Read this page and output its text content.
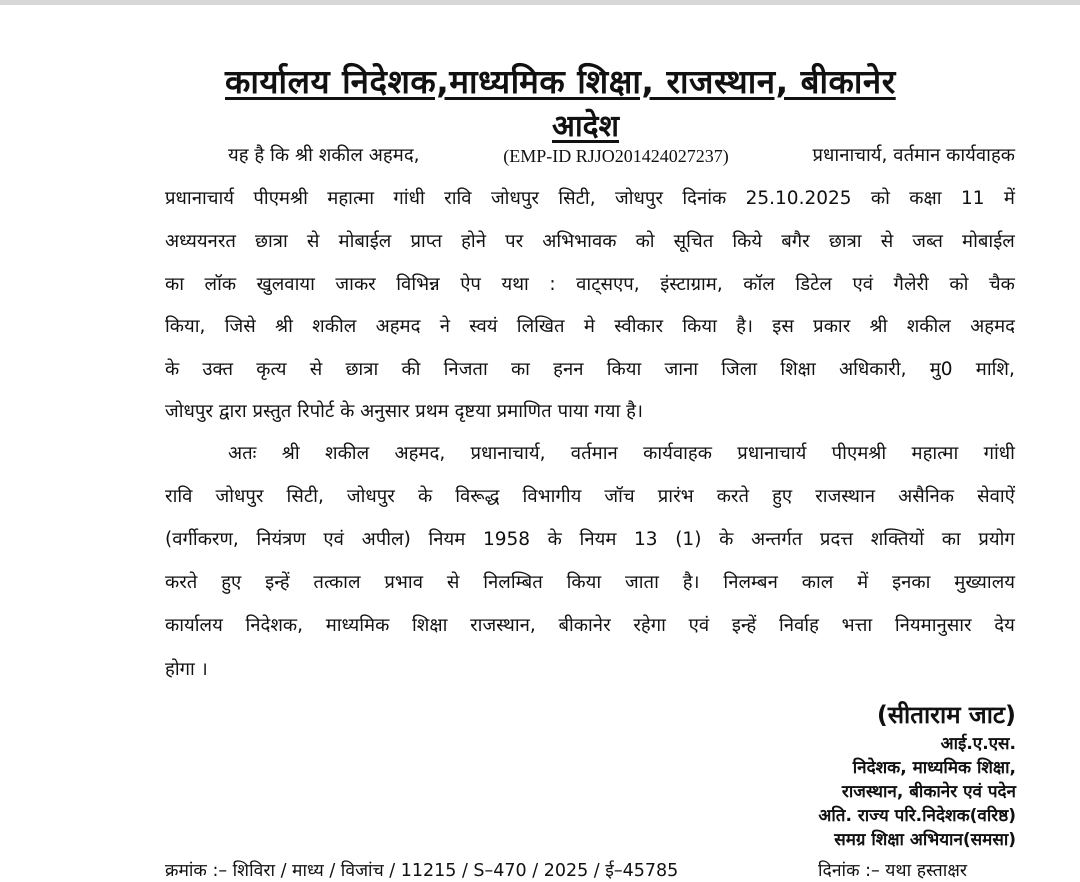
कार्यालय निदेशक,माध्यमिक शिक्षा, राजस्थान, बीकानेर
आदेश
यह है कि श्री शकील अहमद,	(EMP-ID RJJO201424027237)	प्रधानाचार्य, वर्तमान कार्यवाहक
प्रधानाचार्य पीएमश्री महात्मा गांधी रावि जोधपुर सिटी, जोधपुर दिनांक 25.10.2025 को कक्षा 11 में
अध्ययनरत छात्रा से मोबाईल प्राप्त होने पर अभिभावक को सूचित किये बगैर छात्रा से जब्त मोबाईल
का लॉक खुलवाया जाकर विभिन्न ऐप यथा : वाट्सएप, इंस्टाग्राम, कॉल डिटेल एवं गैलेरी को चैक
किया, जिसे श्री शकील अहमद ने स्वयं लिखित मे स्वीकार किया है। इस प्रकार श्री शकील अहमद
के उक्त कृत्य से छात्रा की निजता का हनन किया जाना जिला शिक्षा अधिकारी, मु0 माशि,
जोधपुर द्वारा प्रस्तुत रिपोर्ट के अनुसार प्रथम दृष्टया प्रमाणित पाया गया है।
अतः श्री शकील अहमद, प्रधानाचार्य, वर्तमान कार्यवाहक प्रधानाचार्य पीएमश्री महात्मा गांधी
रावि जोधपुर सिटी, जोधपुर के विरूद्ध विभागीय जॉच प्रारंभ करते हुए राजस्थान असैनिक सेवाऐं
(वर्गीकरण, नियंत्रण एवं अपील) नियम 1958 के नियम 13 (1) के अन्तर्गत प्रदत्त शक्तियों का प्रयोग
करते हुए इन्हें तत्काल प्रभाव से निलम्बित किया जाता है। निलम्बन काल में इनका मुख्यालय
कार्यालय निदेशक, माध्यमिक शिक्षा राजस्थान, बीकानेर रहेगा एवं इन्हें निर्वाह भत्ता नियमानुसार देय
होगा ।
(सीताराम जाट)
आई.ए.एस.
निदेशक, माध्यमिक शिक्षा,
राजस्थान, बीकानेर एवं पदेन
अति. राज्य परि.निदेशक(वरिष्ठ)
समग्र शिक्षा अभियान(समसा)
क्रमांक :– शिविरा / माध्य / विजांच / 11215 / S–470 / 2025 / ई–45785	दिनांक :– यथा हस्ताक्षर
